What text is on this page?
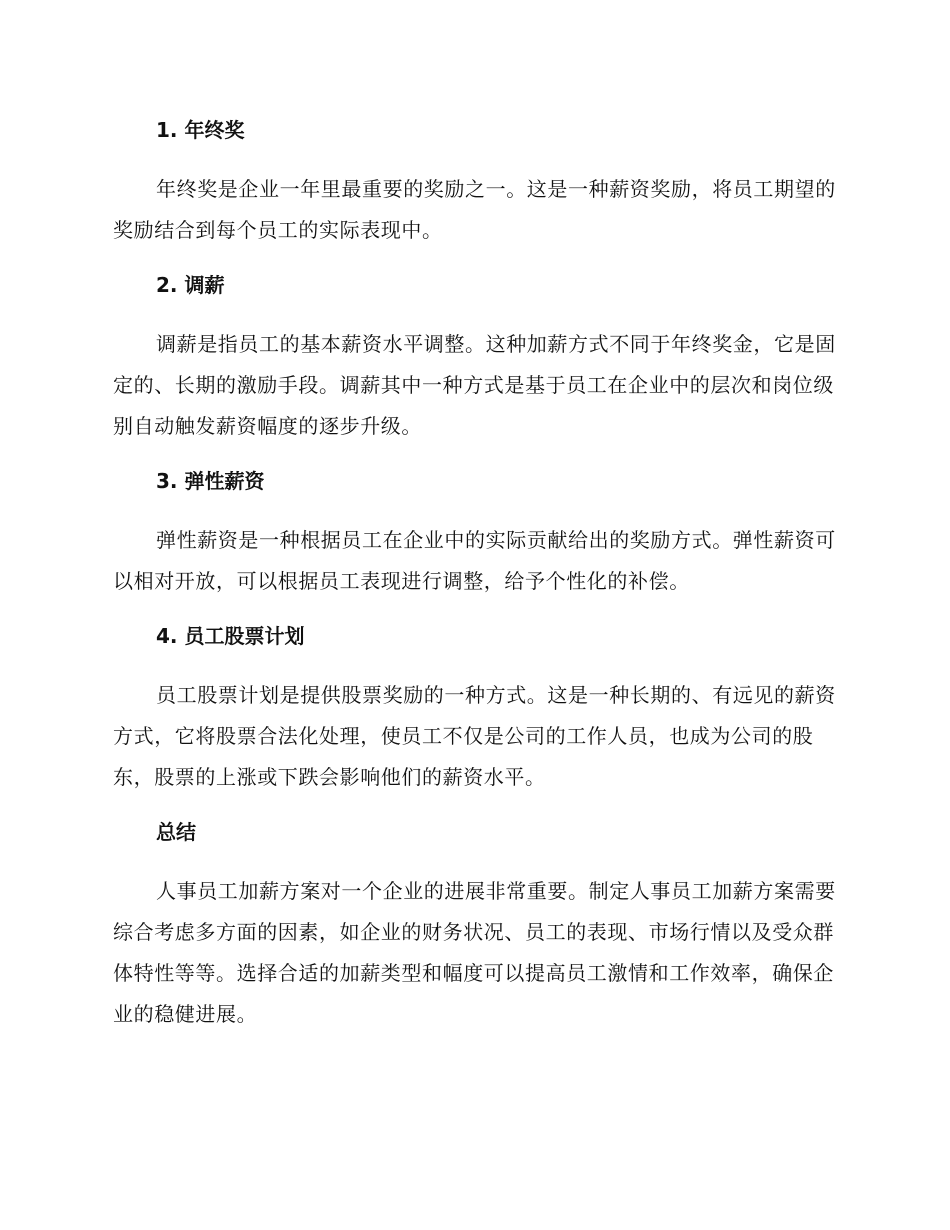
1. 年终奖

年终奖是企业一年里最重要的奖励之一。这是一种薪资奖励，将员工期望的奖励结合到每个员工的实际表现中。

2. 调薪

调薪是指员工的基本薪资水平调整。这种加薪方式不同于年终奖金，它是固定的、长期的激励手段。调薪其中一种方式是基于员工在企业中的层次和岗位级别自动触发薪资幅度的逐步升级。

3. 弹性薪资

弹性薪资是一种根据员工在企业中的实际贡献给出的奖励方式。弹性薪资可以相对开放，可以根据员工表现进行调整，给予个性化的补偿。

4. 员工股票计划

员工股票计划是提供股票奖励的一种方式。这是一种长期的、有远见的薪资方式，它将股票合法化处理，使员工不仅是公司的工作人员，也成为公司的股东，股票的上涨或下跌会影响他们的薪资水平。

总结

人事员工加薪方案对一个企业的进展非常重要。制定人事员工加薪方案需要综合考虑多方面的因素，如企业的财务状况、员工的表现、市场行情以及受众群体特性等等。选择合适的加薪类型和幅度可以提高员工激情和工作效率，确保企业的稳健进展。
